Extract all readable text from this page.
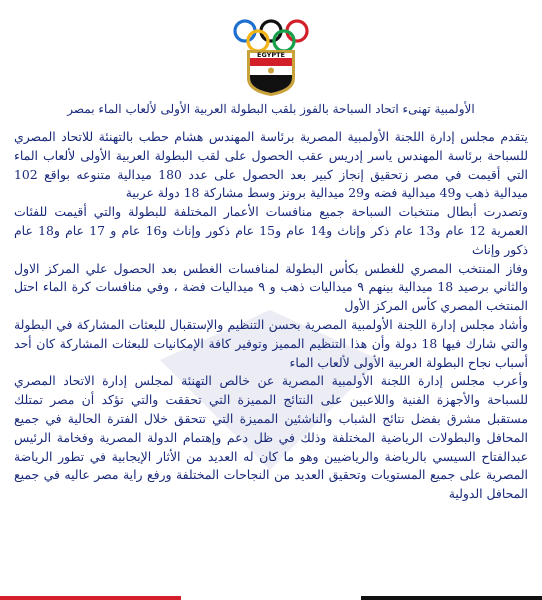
EGYPTE

الأولمبية تهنىء اتحاد السباحة بالفوز بلقب البطولة العربية الأولى لألعاب الماء بمصر

يتقدم مجلس إدارة اللجنة الأولمبية المصرية برئاسة المهندس هشام حطب بالتهنئة للاتحاد المصري للسباحة برئاسة المهندس ياسر إدريس عقب الحصول على لقب البطولة العربية الأولى لألعاب الماء التي أقيمت في مصر زتحقيق إنجاز كبير بعد الحصول على عدد 180 ميدالية متنوعه بواقع 102 ميدالية ذهب و49 ميدالية فضه و29 ميدالية برونز وسط مشاركة 18 دولة عربية

وتصدرت أبطال منتخبات السباحة جميع منافسات الأعمار المختلفة للبطولة والتي أقيمت للفئات العمرية 12 عام و13 عام ذكر وإناث و14 عام و15 عام ذكور وإناث و16 عام و 17 عام و18 عام ذكور وإناث

وفاز المنتخب المصري للغطس بكأس البطولة لمنافسات الغطس بعد الحصول علي المركز الاول والثاني برصيد 18 ميدالية بينهم ٩ ميداليات ذهب و ٩ ميداليات فضة ، وفي منافسات كرة الماء احتل المنتخب المصري كأس المركز الأول

وأشاد مجلس إدارة اللجنة الأولمبية المصرية بحسن التنظيم والإستقبال للبعثات المشاركة في البطولة والتي شارك فيها 18 دولة وأن هذا التنظيم المميز وتوفير كافة الإمكانيات للبعثات المشاركة كان أحد أسباب نجاح البطولة العربية الأولى لألعاب الماء

وأعرب مجلس إدارة اللجنة الأولمبية المصرية عن خالص التهنئة لمجلس إدارة الاتحاد المصري للسباحة والأجهزة الفنية واللاعبين على النتائج المميزة التي تحققت والتي تؤكد أن مصر تمتلك مستقبل مشرق بفضل نتائج الشباب والناشئين المميزة التي تتحقق خلال الفترة الحالية في جميع المحافل والبطولات الرياضية المختلفة وذلك في ظل دعم وإهتمام الدولة المصرية وفخامة الرئيس عبدالفتاح السيسي بالرياضة والرياضيين وهو ما كان له العديد من الأثار الإيجابية في تطور الرياضة المصرية على جميع المستويات وتحقيق العديد من النجاحات المختلفة ورفع راية مصر عاليه في جميع المحافل الدولية
